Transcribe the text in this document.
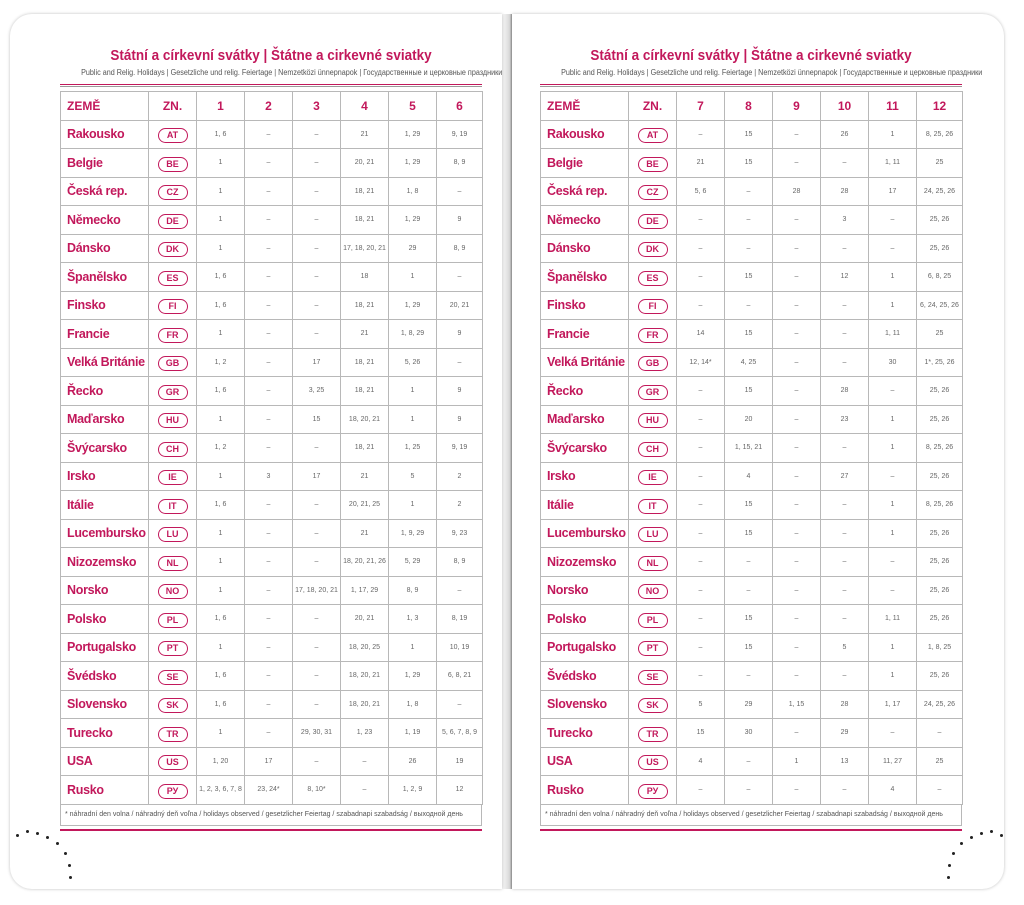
Státní a církevní svátky | Štátne a cirkevné sviatky
Public and Relig. Holidays | Gesetzliche und relig. Feiertage | Nemzetközi ünnepnapok | Государственные и церковные праздники
ZEMĚ	ZN.	1	2	3	4	5	6
Rakousko	AT	1, 6	–	–	21	1, 29	9, 19
Belgie	BE	1	–	–	20, 21	1, 29	8, 9
Česká rep.	CZ	1	–	–	18, 21	1, 8	–
Německo	DE	1	–	–	18, 21	1, 29	9
Dánsko	DK	1	–	–	17, 18, 20, 21	29	8, 9
Španělsko	ES	1, 6	–	–	18	1	–
Finsko	FI	1, 6	–	–	18, 21	1, 29	20, 21
Francie	FR	1	–	–	21	1, 8, 29	9
Velká Británie	GB	1, 2	–	17	18, 21	5, 26	–
Řecko	GR	1, 6	–	3, 25	18, 21	1	9
Maďarsko	HU	1	–	15	18, 20, 21	1	9
Švýcarsko	CH	1, 2	–	–	18, 21	1, 25	9, 19
Irsko	IE	1	3	17	21	5	2
Itálie	IT	1, 6	–	–	20, 21, 25	1	2
Lucembursko	LU	1	–	–	21	1, 9, 29	9, 23
Nizozemsko	NL	1	–	–	18, 20, 21, 26	5, 29	8, 9
Norsko	NO	1	–	17, 18, 20, 21	1, 17, 29	8, 9	–
Polsko	PL	1, 6	–	–	20, 21	1, 3	8, 19
Portugalsko	PT	1	–	–	18, 20, 25	1	10, 19
Švédsko	SE	1, 6	–	–	18, 20, 21	1, 29	6, 8, 21
Slovensko	SK	1, 6	–	–	18, 20, 21	1, 8	–
Turecko	TR	1	–	29, 30, 31	1, 23	1, 19	5, 6, 7, 8, 9
USA	US	1, 20	17	–	–	26	19
Rusko	РУ	1, 2, 3, 6, 7, 8	23, 24*	8, 10*	–	1, 2, 9	12
* náhradní den volna / náhradný deň voľna / holidays observed / gesetzlicher Feiertag / szabadnapi szabadság / выходной день
Státní a církevní svátky | Štátne a cirkevné sviatky
Public and Relig. Holidays | Gesetzliche und relig. Feiertage | Nemzetközi ünnepnapok | Государственные и церковные праздники
ZEMĚ	ZN.	7	8	9	10	11	12
Rakousko	AT	–	15	–	26	1	8, 25, 26
Belgie	BE	21	15	–	–	1, 11	25
Česká rep.	CZ	5, 6	–	28	28	17	24, 25, 26
Německo	DE	–	–	–	3	–	25, 26
Dánsko	DK	–	–	–	–	–	25, 26
Španělsko	ES	–	15	–	12	1	6, 8, 25
Finsko	FI	–	–	–	–	1	6, 24, 25, 26
Francie	FR	14	15	–	–	1, 11	25
Velká Británie	GB	12, 14*	4, 25	–	–	30	1*, 25, 26
Řecko	GR	–	15	–	28	–	25, 26
Maďarsko	HU	–	20	–	23	1	25, 26
Švýcarsko	CH	–	1, 15, 21	–	–	1	8, 25, 26
Irsko	IE	–	4	–	27	–	25, 26
Itálie	IT	–	15	–	–	1	8, 25, 26
Lucembursko	LU	–	15	–	–	1	25, 26
Nizozemsko	NL	–	–	–	–	–	25, 26
Norsko	NO	–	–	–	–	–	25, 26
Polsko	PL	–	15	–	–	1, 11	25, 26
Portugalsko	PT	–	15	–	5	1	1, 8, 25
Švédsko	SE	–	–	–	–	1	25, 26
Slovensko	SK	5	29	1, 15	28	1, 17	24, 25, 26
Turecko	TR	15	30	–	29	–	–
USA	US	4	–	1	13	11, 27	25
Rusko	РУ	–	–	–	–	4	–
* náhradní den volna / náhradný deň voľna / holidays observed / gesetzlicher Feiertag / szabadnapi szabadság / выходной день
